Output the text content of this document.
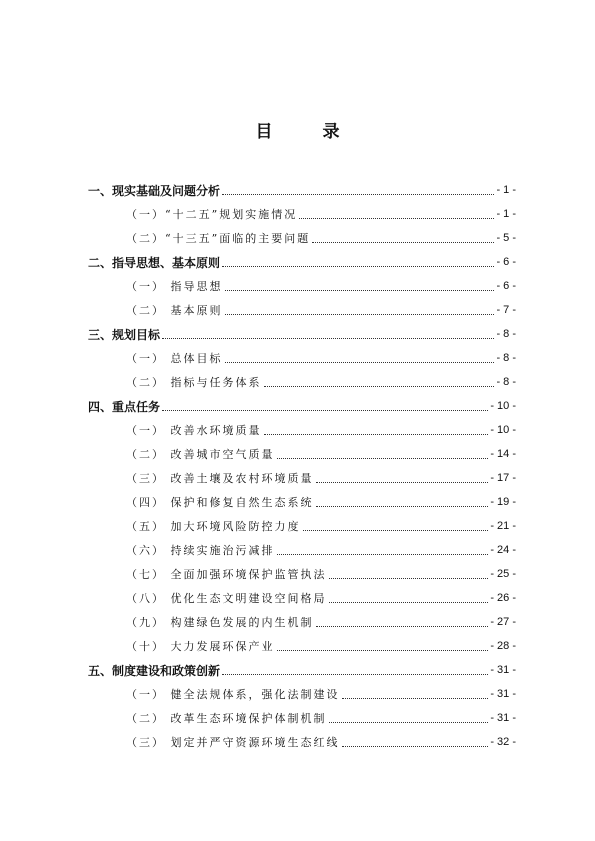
目 录
一、现实基础及问题分析	- 1 -
（一）“十二五”规划实施情况	- 1 -
（二）“十三五”面临的主要问题	- 5 -
二、指导思想、基本原则	- 6 -
（一） 指导思想	- 6 -
（二） 基本原则	- 7 -
三、规划目标	- 8 -
（一） 总体目标	- 8 -
（二） 指标与任务体系	- 8 -
四、重点任务	- 10 -
（一） 改善水环境质量	- 10 -
（二） 改善城市空气质量	- 14 -
（三） 改善土壤及农村环境质量	- 17 -
（四） 保护和修复自然生态系统	- 19 -
（五） 加大环境风险防控力度	- 21 -
（六） 持续实施治污减排	- 24 -
（七） 全面加强环境保护监管执法	- 25 -
（八） 优化生态文明建设空间格局	- 26 -
（九） 构建绿色发展的内生机制	- 27 -
（十） 大力发展环保产业	- 28 -
五、制度建设和政策创新	- 31 -
（一） 健全法规体系，强化法制建设	- 31 -
（二） 改革生态环境保护体制机制	- 31 -
（三） 划定并严守资源环境生态红线	- 32 -
